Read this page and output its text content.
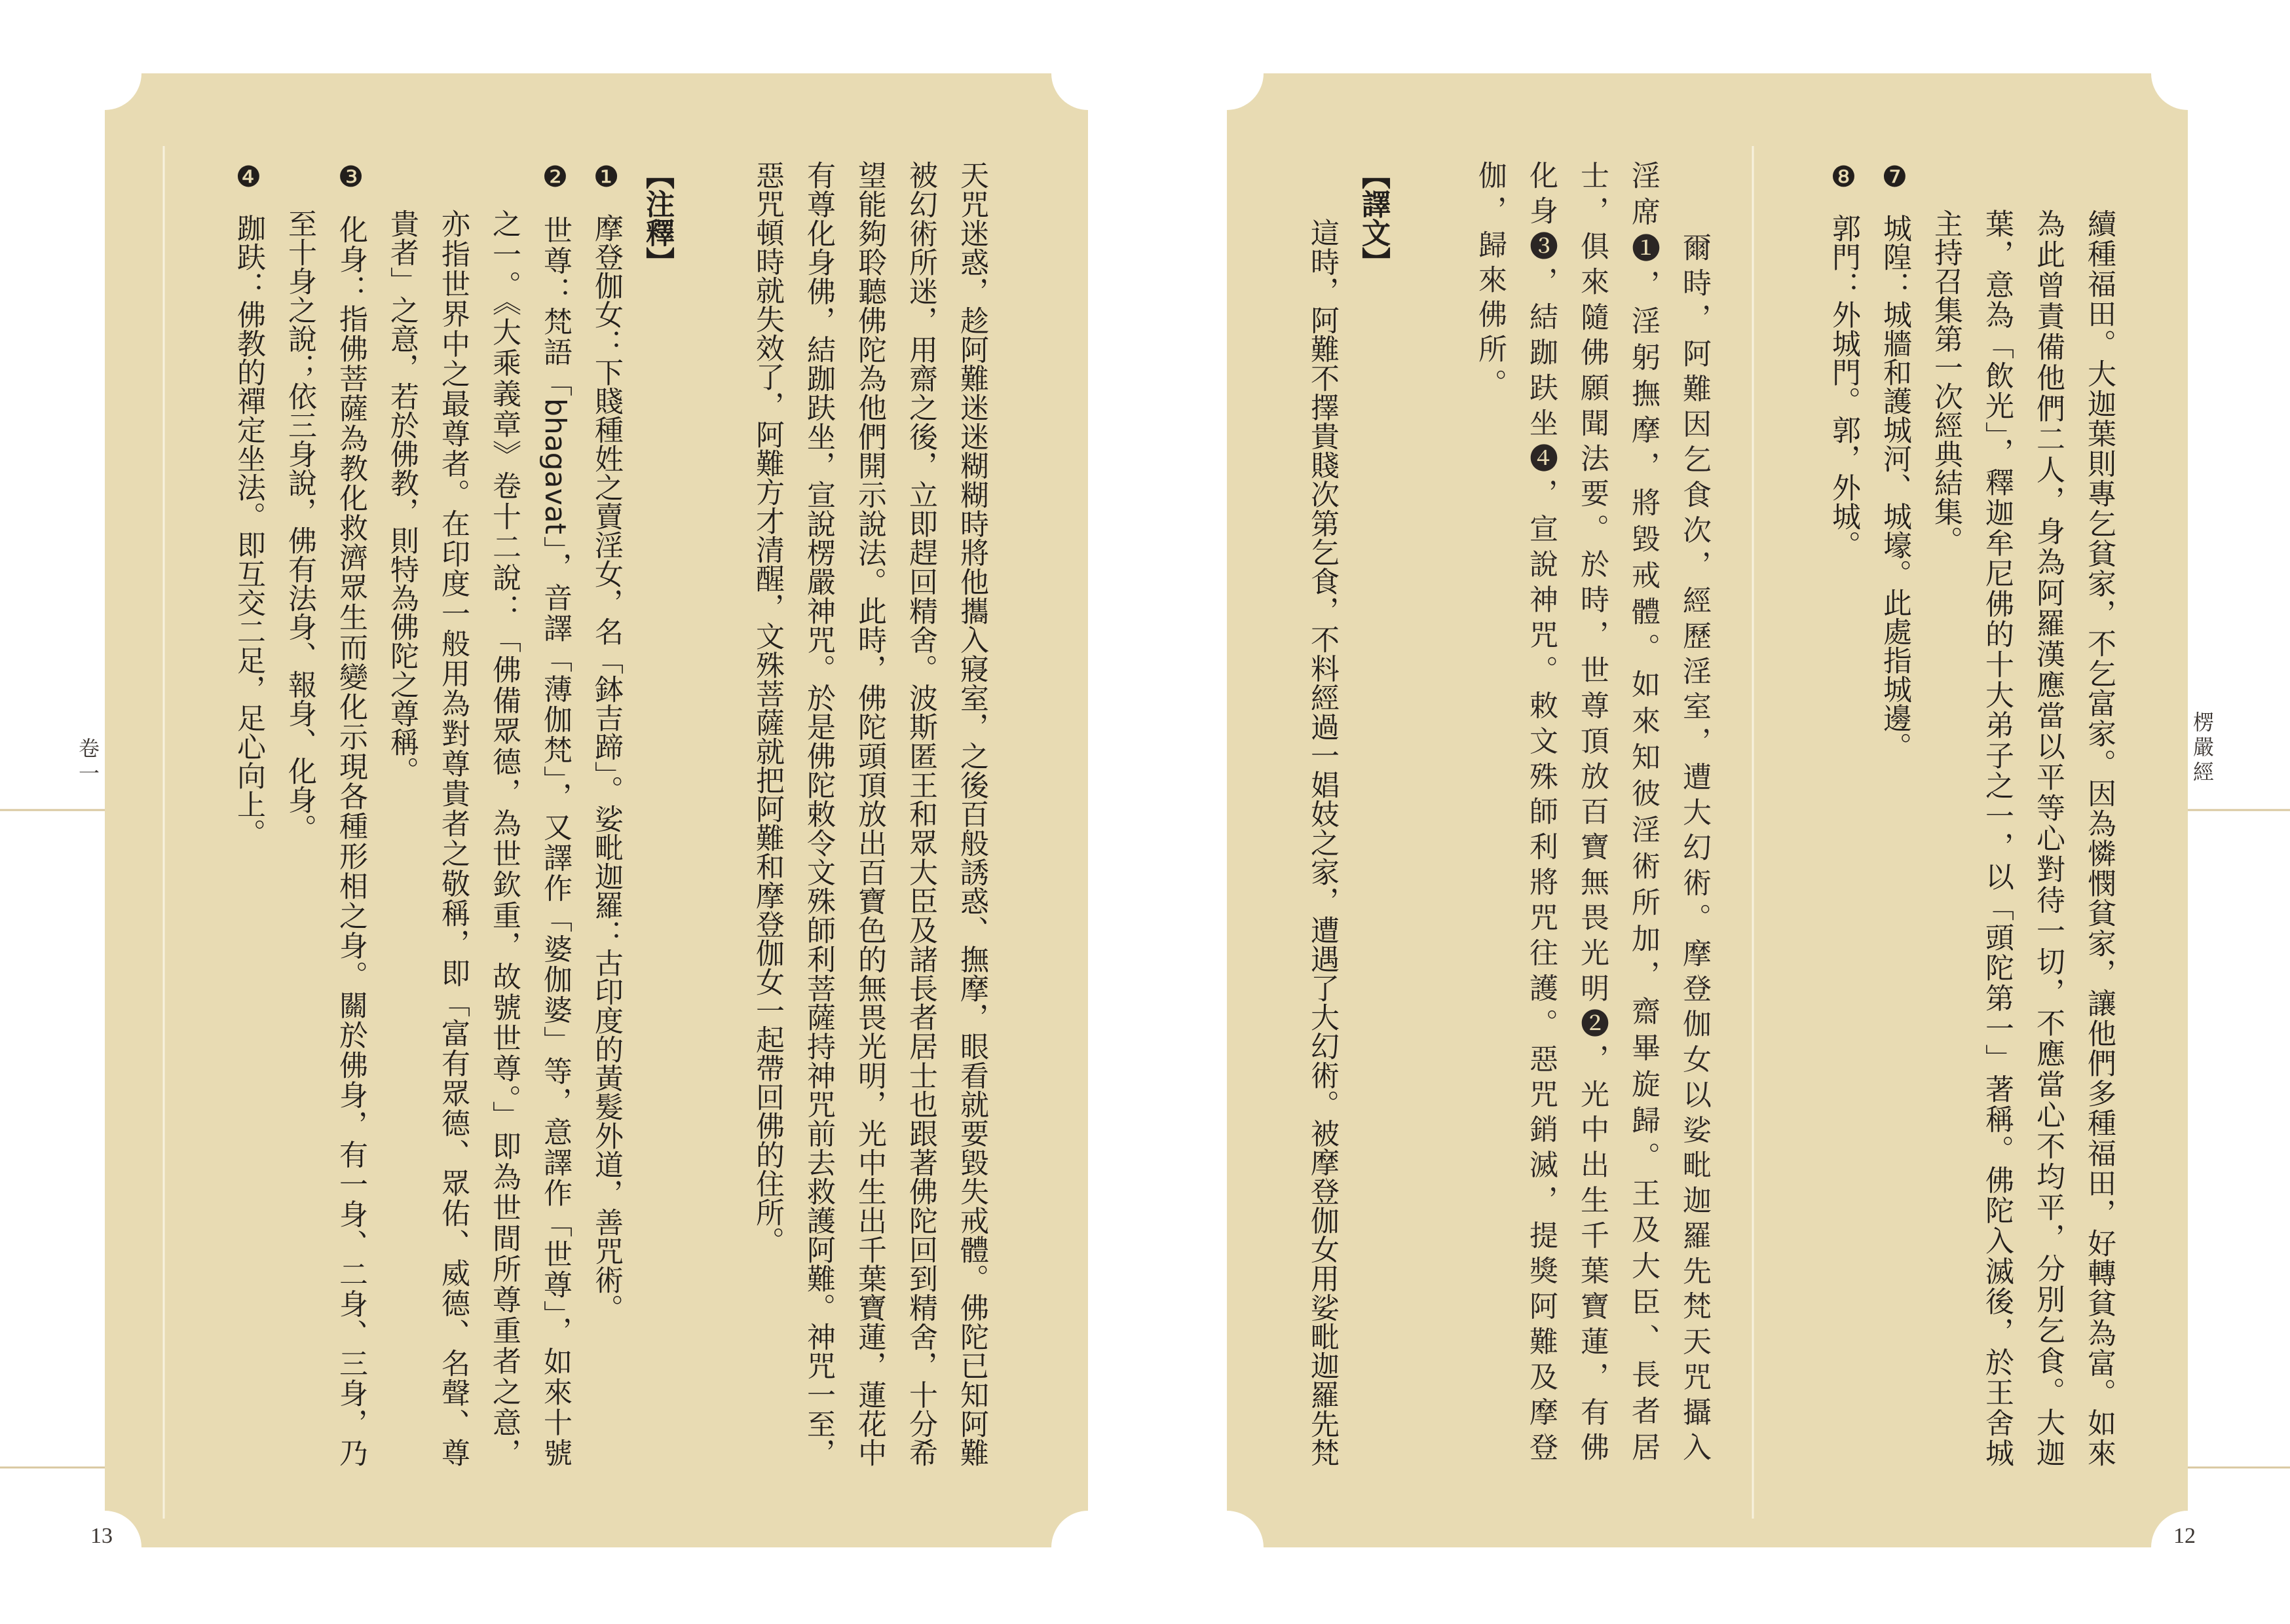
楞嚴經
續種福田。大迦葉則專乞貧家，不乞富家。因為憐憫貧家，讓他們多種福田，好轉貧為富。如來
為此曾責備他們二人，身為阿羅漢應當以平等心對待一切，不應當心不均平，分別乞食。大迦
葉，意為「飲光」，釋迦牟尼佛的十大弟子之一，以「頭陀第一」著稱。佛陀入滅後，於王舍城
主持召集第一次經典結集。
❼城隍：城牆和護城河、城壕。此處指城邊。
❽郭門：外城門。郭，外城。
爾時，阿難因乞食次，經歷淫室，遭大幻術。摩登伽女以娑毗迦羅先梵天咒攝入
淫席❶，淫躬撫摩，將毀戒體。如來知彼淫術所加，齋畢旋歸。王及大臣、長者居
士，俱來隨佛願聞法要。於時，世尊頂放百寶無畏光明❷，光中出生千葉寶蓮，有佛
化身❸，結跏趺坐❹，宣說神咒。敕文殊師利將咒往護。惡咒銷滅，提獎阿難及摩登
伽，歸來佛所。
【譯文】
這時，阿難不擇貴賤次第乞食，不料經過一娼妓之家，遭遇了大幻術。被摩登伽女用娑毗迦羅先梵
12
卷一	天咒迷惑，趁阿難迷迷糊糊時將他攜入寢室，之後百般誘惑、撫摩，眼看就要毀失戒體。佛陀已知阿難
被幻術所迷，用齋之後，立即趕回精舍。波斯匿王和眾大臣及諸長者居士也跟著佛陀回到精舍，十分希
望能夠聆聽佛陀為他們開示說法。此時，佛陀頭頂放出百寶色的無畏光明，光中生出千葉寶蓮，蓮花中
有尊化身佛，結跏趺坐，宣說楞嚴神咒。於是佛陀敕令文殊師利菩薩持神咒前去救護阿難。神咒一至，
惡咒頓時就失效了，阿難方才清醒，文殊菩薩就把阿難和摩登伽女一起帶回佛的住所。
【注釋】
❶摩登伽女：下賤種姓之賣淫女，名「鉢吉蹄」。娑毗迦羅：古印度的黃髮外道，善咒術。
❷世尊：梵語「bhagavat」，音譯「薄伽梵」，又譯作「婆伽婆」等，意譯作「世尊」，如來十號
之一。《大乘義章》卷十二說：「佛備眾德，為世欽重，故號世尊。」即為世間所尊重者之意，
亦指世界中之最尊者。在印度一般用為對尊貴者之敬稱，即「富有眾德、眾佑、威德、名聲、尊
貴者」之意，若於佛教，則特為佛陀之尊稱。
❸化身：指佛菩薩為教化救濟眾生而變化示現各種形相之身。關於佛身，有一身、二身、三身，乃
至十身之說；依三身說，佛有法身、報身、化身。
❹跏趺：佛教的禪定坐法。即互交二足，足心向上。
13
